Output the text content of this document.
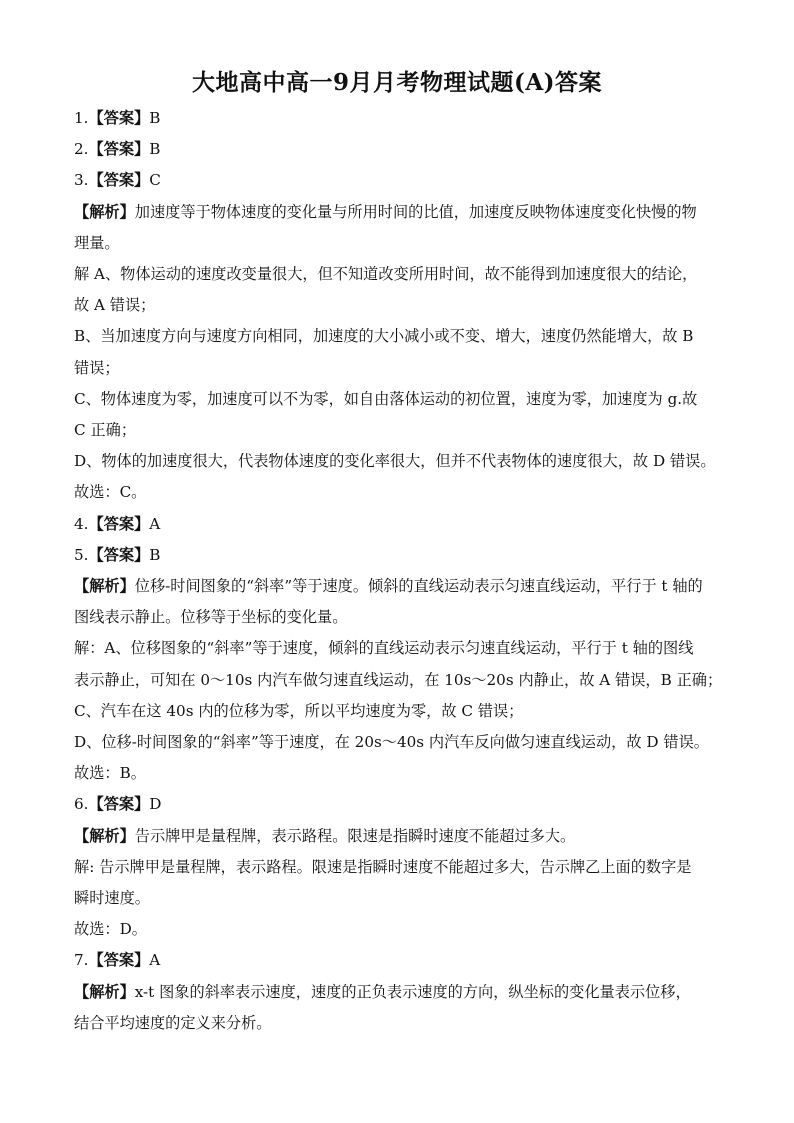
大地高中高一9月月考物理试题(A)答案
1.【答案】B
2.【答案】B
3.【答案】C
【解析】加速度等于物体速度的变化量与所用时间的比值，加速度反映物体速度变化快慢的物
理量。
解 A、物体运动的速度改变量很大，但不知道改变所用时间，故不能得到加速度很大的结论，
故 A 错误；
B、当加速度方向与速度方向相同，加速度的大小减小或不变、增大，速度仍然能增大，故 B
错误；
C、物体速度为零，加速度可以不为零，如自由落体运动的初位置，速度为零，加速度为 g.故
C 正确；
D、物体的加速度很大，代表物体速度的变化率很大，但并不代表物体的速度很大，故 D 错误。
故选：C。
4.【答案】A
5.【答案】B
【解析】位移-时间图象的“斜率”等于速度。倾斜的直线运动表示匀速直线运动，平行于 t 轴的
图线表示静止。位移等于坐标的变化量。
解：A、位移图象的“斜率”等于速度，倾斜的直线运动表示匀速直线运动，平行于 t 轴的图线
表示静止，可知在 0～10s 内汽车做匀速直线运动，在 10s～20s 内静止，故 A 错误，B 正确；
C、汽车在这 40s 内的位移为零，所以平均速度为零，故 C 错误；
D、位移-时间图象的“斜率”等于速度，在 20s～40s 内汽车反向做匀速直线运动，故 D 错误。
故选：B。
6.【答案】D
【解析】告示牌甲是量程牌，表示路程。限速是指瞬时速度不能超过多大。
解: 告示牌甲是量程牌，表示路程。限速是指瞬时速度不能超过多大，告示牌乙上面的数字是
瞬时速度。
故选：D。
7.【答案】A
【解析】x-t 图象的斜率表示速度，速度的正负表示速度的方向，纵坐标的变化量表示位移，
结合平均速度的定义来分析。
